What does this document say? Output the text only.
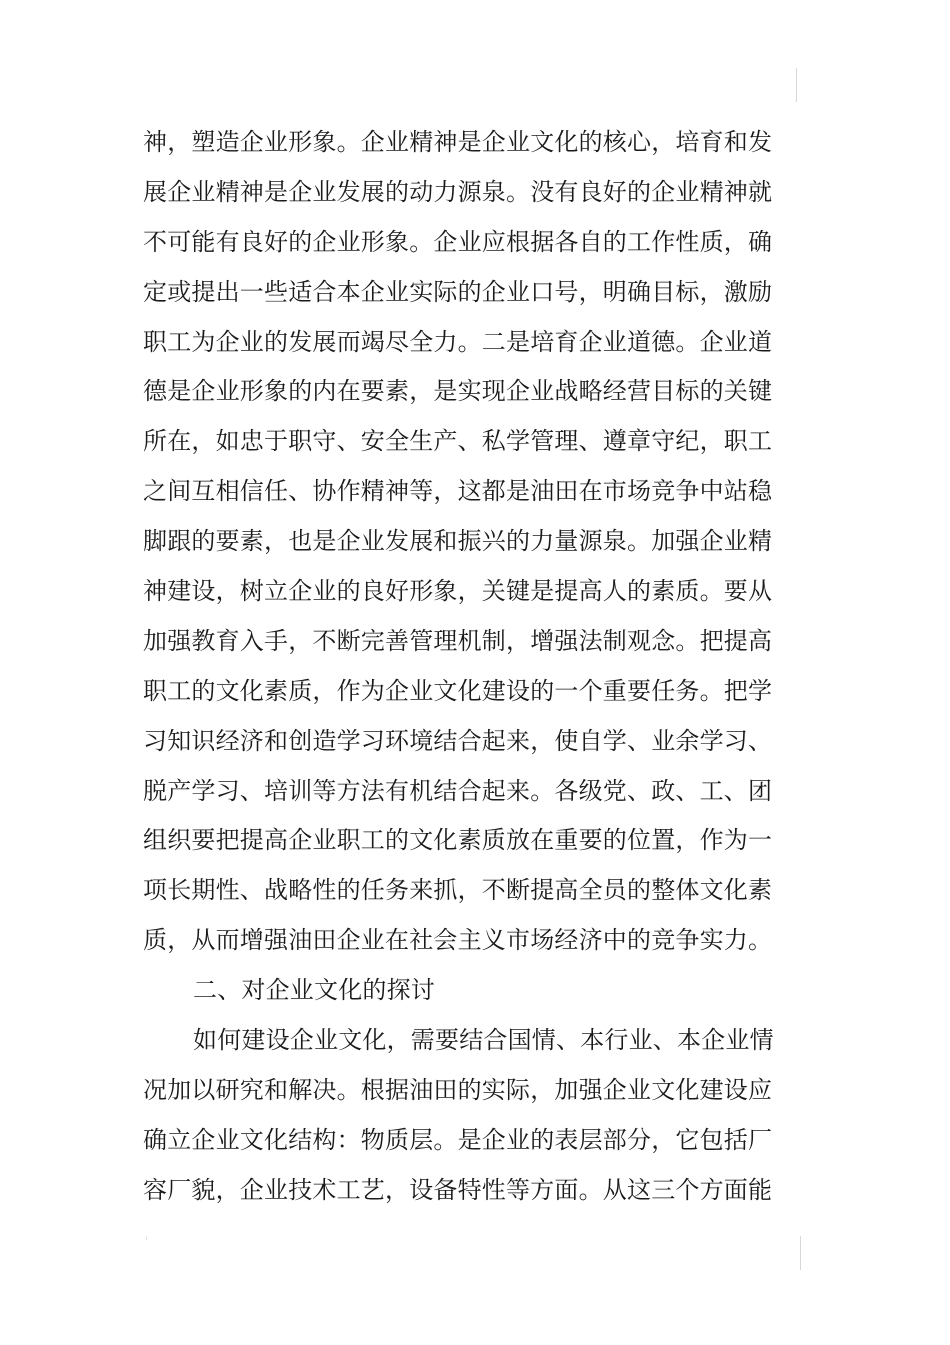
神，塑造企业形象。企业精神是企业文化的核心，培育和发
展企业精神是企业发展的动力源泉。没有良好的企业精神就
不可能有良好的企业形象。企业应根据各自的工作性质，确
定或提出一些适合本企业实际的企业口号，明确目标，激励
职工为企业的发展而竭尽全力。二是培育企业道德。企业道
德是企业形象的内在要素，是实现企业战略经营目标的关键
所在，如忠于职守、安全生产、私学管理、遵章守纪，职工
之间互相信任、协作精神等，这都是油田在市场竞争中站稳
脚跟的要素，也是企业发展和振兴的力量源泉。加强企业精
神建设，树立企业的良好形象，关键是提高人的素质。要从
加强教育入手，不断完善管理机制，增强法制观念。把提高
职工的文化素质，作为企业文化建设的一个重要任务。把学
习知识经济和创造学习环境结合起来，使自学、业余学习、
脱产学习、培训等方法有机结合起来。各级党、政、工、团
组织要把提高企业职工的文化素质放在重要的位置，作为一
项长期性、战略性的任务来抓，不断提高全员的整体文化素
质，从而增强油田企业在社会主义市场经济中的竞争实力。
二、对企业文化的探讨
如何建设企业文化，需要结合国情、本行业、本企业情
况加以研究和解决。根据油田的实际，加强企业文化建设应
确立企业文化结构：物质层。是企业的表层部分，它包括厂
容厂貌，企业技术工艺，设备特性等方面。从这三个方面能
